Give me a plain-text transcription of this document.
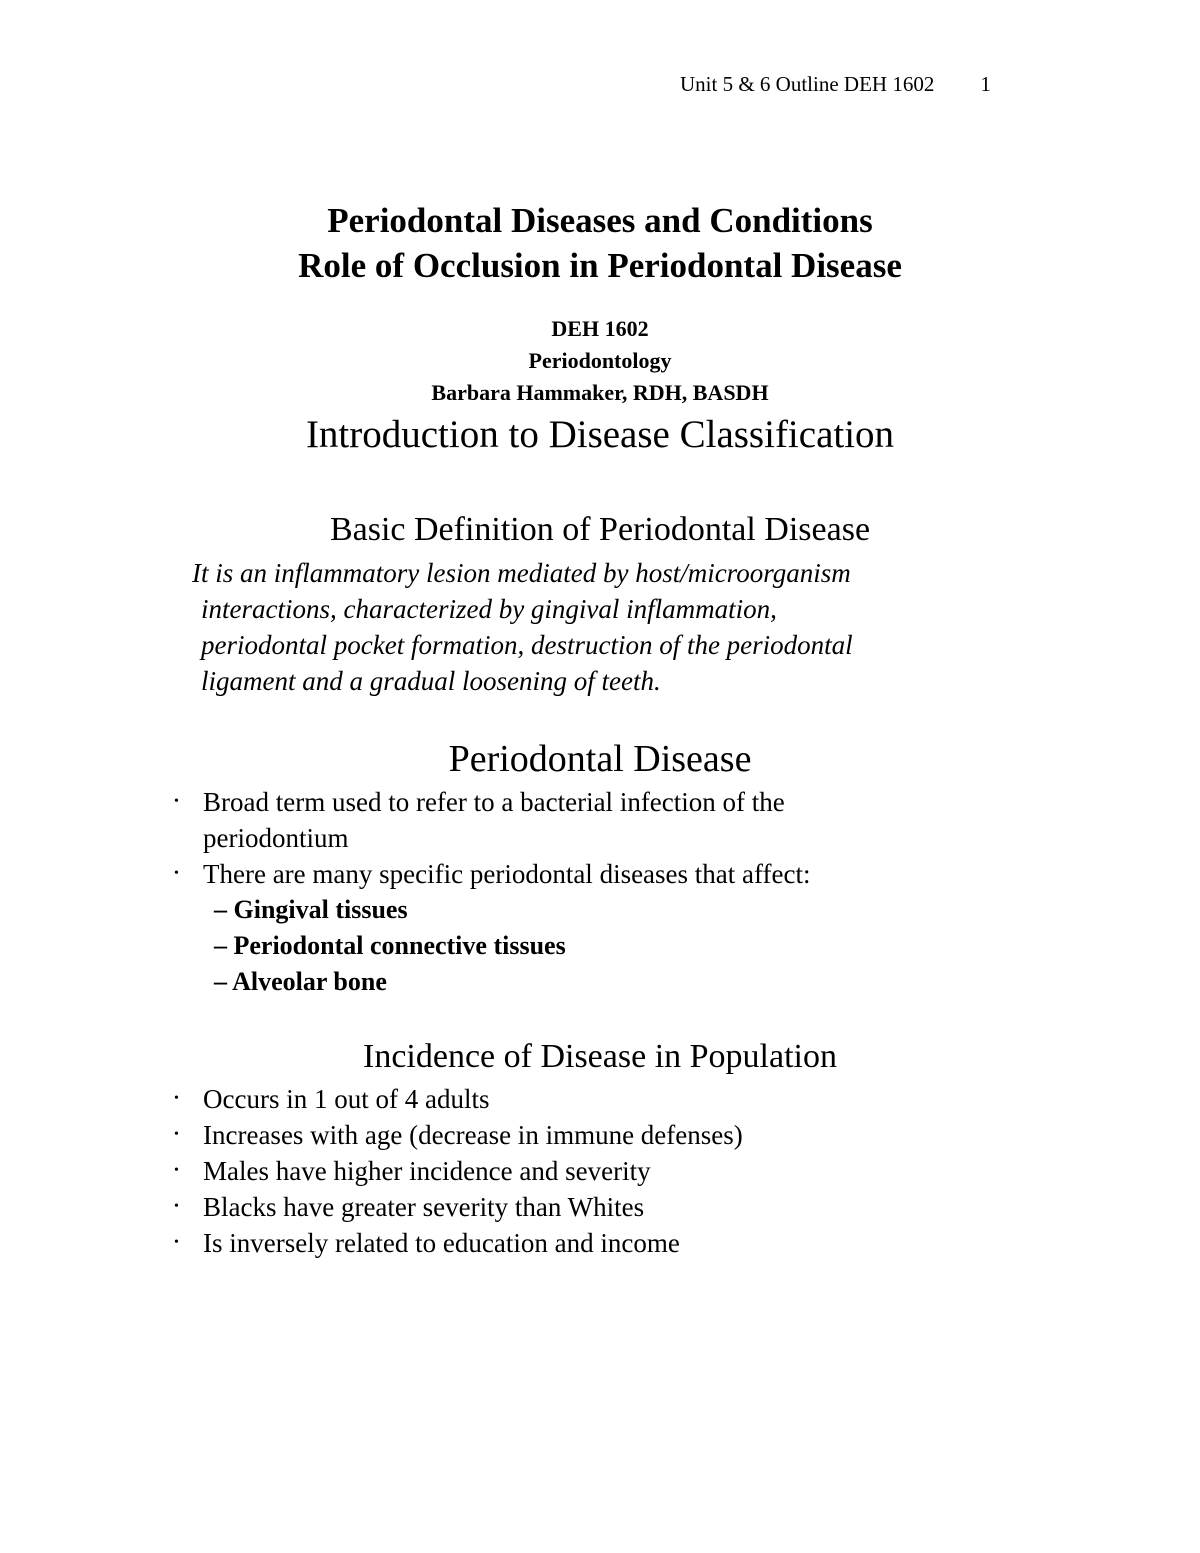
Unit 5 & 6 Outline DEH 1602 1
Periodontal Diseases and Conditions
Role of Occlusion in Periodontal Disease
DEH 1602
Periodontology
Barbara Hammaker, RDH, BASDH
Introduction to Disease Classification
Basic Definition of Periodontal Disease
It is an inflammatory lesion mediated by host/microorganism
interactions, characterized by gingival inflammation,
periodontal pocket formation, destruction of the periodontal
ligament and a gradual loosening of teeth.
Periodontal Disease
• Broad term used to refer to a bacterial infection of the
periodontium
• There are many specific periodontal diseases that affect:
– Gingival tissues
– Periodontal connective tissues
– Alveolar bone
Incidence of Disease in Population
• Occurs in 1 out of 4 adults
• Increases with age (decrease in immune defenses)
• Males have higher incidence and severity
• Blacks have greater severity than Whites
• Is inversely related to education and income
